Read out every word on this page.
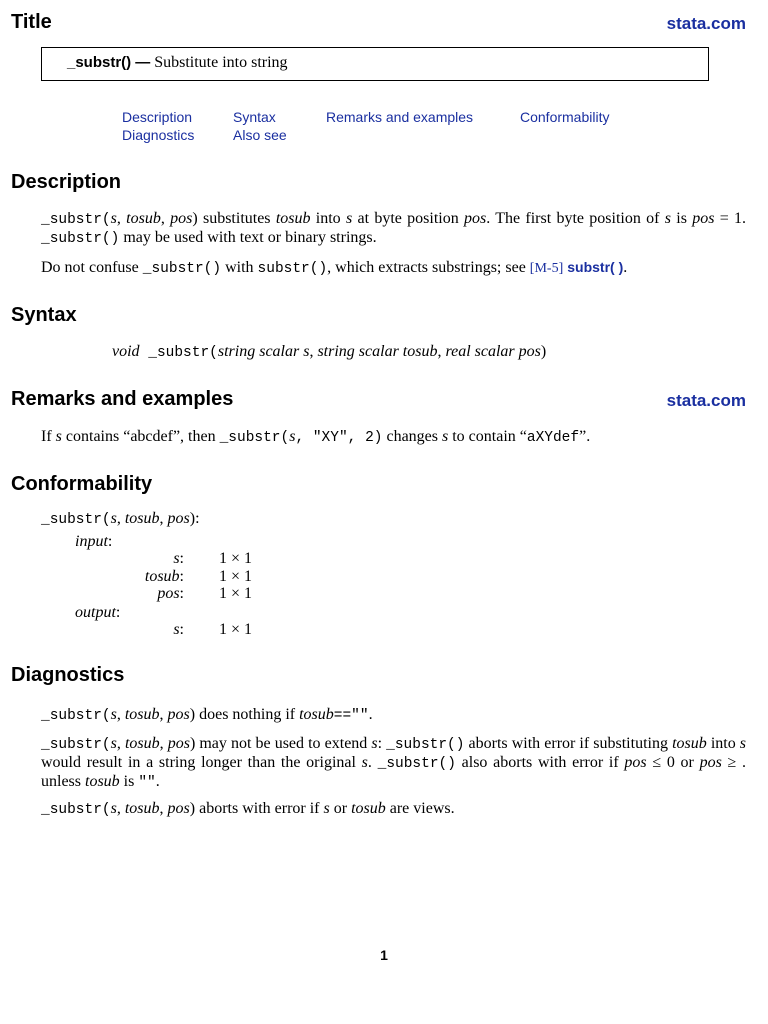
Title	stata.com
_substr() — Substitute into string
Description	Syntax	Remarks and examples	Conformability
Diagnostics	Also see
Description
_substr(s, tosub, pos) substitutes tosub into s at byte position pos. The first byte position of s is pos = 1. _substr() may be used with text or binary strings.
Do not confuse _substr() with substr(), which extracts substrings; see [M-5] substr( ).
Syntax
void _substr(string scalar s, string scalar tosub, real scalar pos)
Remarks and examples	stata.com
If s contains “abcdef”, then _substr(s, "XY", 2) changes s to contain “aXYdef”.
Conformability
_substr(s, tosub, pos):
input:
s: 1 × 1
tosub: 1 × 1
pos: 1 × 1
output:
s: 1 × 1
Diagnostics
_substr(s, tosub, pos) does nothing if tosub=="".
_substr(s, tosub, pos) may not be used to extend s: _substr() aborts with error if substituting tosub into s would result in a string longer than the original s. _substr() also aborts with error if pos ≤ 0 or pos ≥ . unless tosub is "".
_substr(s, tosub, pos) aborts with error if s or tosub are views.
1
